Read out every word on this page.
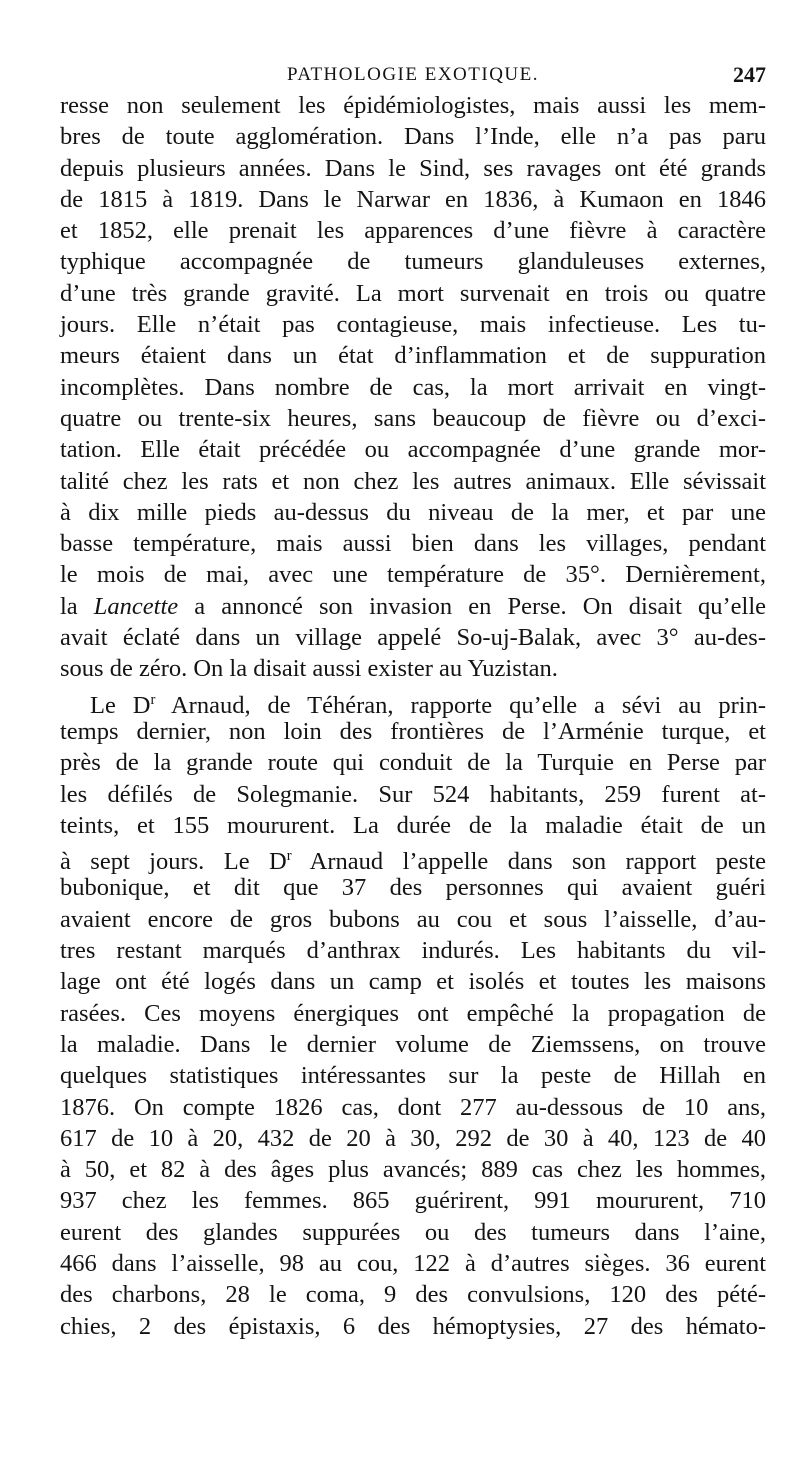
PATHOLOGIE EXOTIQUE.	247
resse non seulement les épidémiologistes, mais aussi les mem-
bres de toute agglomération. Dans l’Inde, elle n’a pas paru
depuis plusieurs années. Dans le Sind, ses ravages ont été grands
de 1815 à 1819. Dans le Narwar en 1836, à Kumaon en 1846
et 1852, elle prenait les apparences d’une fièvre à caractère
typhique accompagnée de tumeurs glanduleuses externes,
d’une très grande gravité. La mort survenait en trois ou quatre
jours. Elle n’était pas contagieuse, mais infectieuse. Les tu-
meurs étaient dans un état d’inflammation et de suppuration
incomplètes. Dans nombre de cas, la mort arrivait en vingt-
quatre ou trente-six heures, sans beaucoup de fièvre ou d’exci-
tation. Elle était précédée ou accompagnée d’une grande mor-
talité chez les rats et non chez les autres animaux. Elle sévissait
à dix mille pieds au-dessus du niveau de la mer, et par une
basse température, mais aussi bien dans les villages, pendant
le mois de mai, avec une température de 35°. Dernièrement,
la Lancette a annoncé son invasion en Perse. On disait qu’elle
avait éclaté dans un village appelé So-uj-Balak, avec 3° au-des-
sous de zéro. On la disait aussi exister au Yuzistan.
Le $D^r$ Arnaud, de Téhéran, rapporte qu’elle a sévi au prin-
temps dernier, non loin des frontières de l’Arménie turque, et
près de la grande route qui conduit de la Turquie en Perse par
les défilés de Solegmanie. Sur 524 habitants, 259 furent at-
teints, et 155 moururent. La durée de la maladie était de un
à sept jours. Le $D^r$ Arnaud l’appelle dans son rapport peste
bubonique, et dit que 37 des personnes qui avaient guéri
avaient encore de gros bubons au cou et sous l’aisselle, d’au-
tres restant marqués d’anthrax indurés. Les habitants du vil-
lage ont été logés dans un camp et isolés et toutes les maisons
rasées. Ces moyens énergiques ont empêché la propagation de
la maladie. Dans le dernier volume de Ziemssens, on trouve
quelques statistiques intéressantes sur la peste de Hillah en
1876. On compte 1826 cas, dont 277 au-dessous de 10 ans,
617 de 10 à 20, 432 de 20 à 30, 292 de 30 à 40, 123 de 40
à 50, et 82 à des âges plus avancés; 889 cas chez les hommes,
937 chez les femmes. 865 guérirent, 991 moururent, 710
eurent des glandes suppurées ou des tumeurs dans l’aine,
466 dans l’aisselle, 98 au cou, 122 à d’autres sièges. 36 eurent
des charbons, 28 le coma, 9 des convulsions, 120 des pété-
chies, 2 des épistaxis, 6 des hémoptysies, 27 des hémato-
